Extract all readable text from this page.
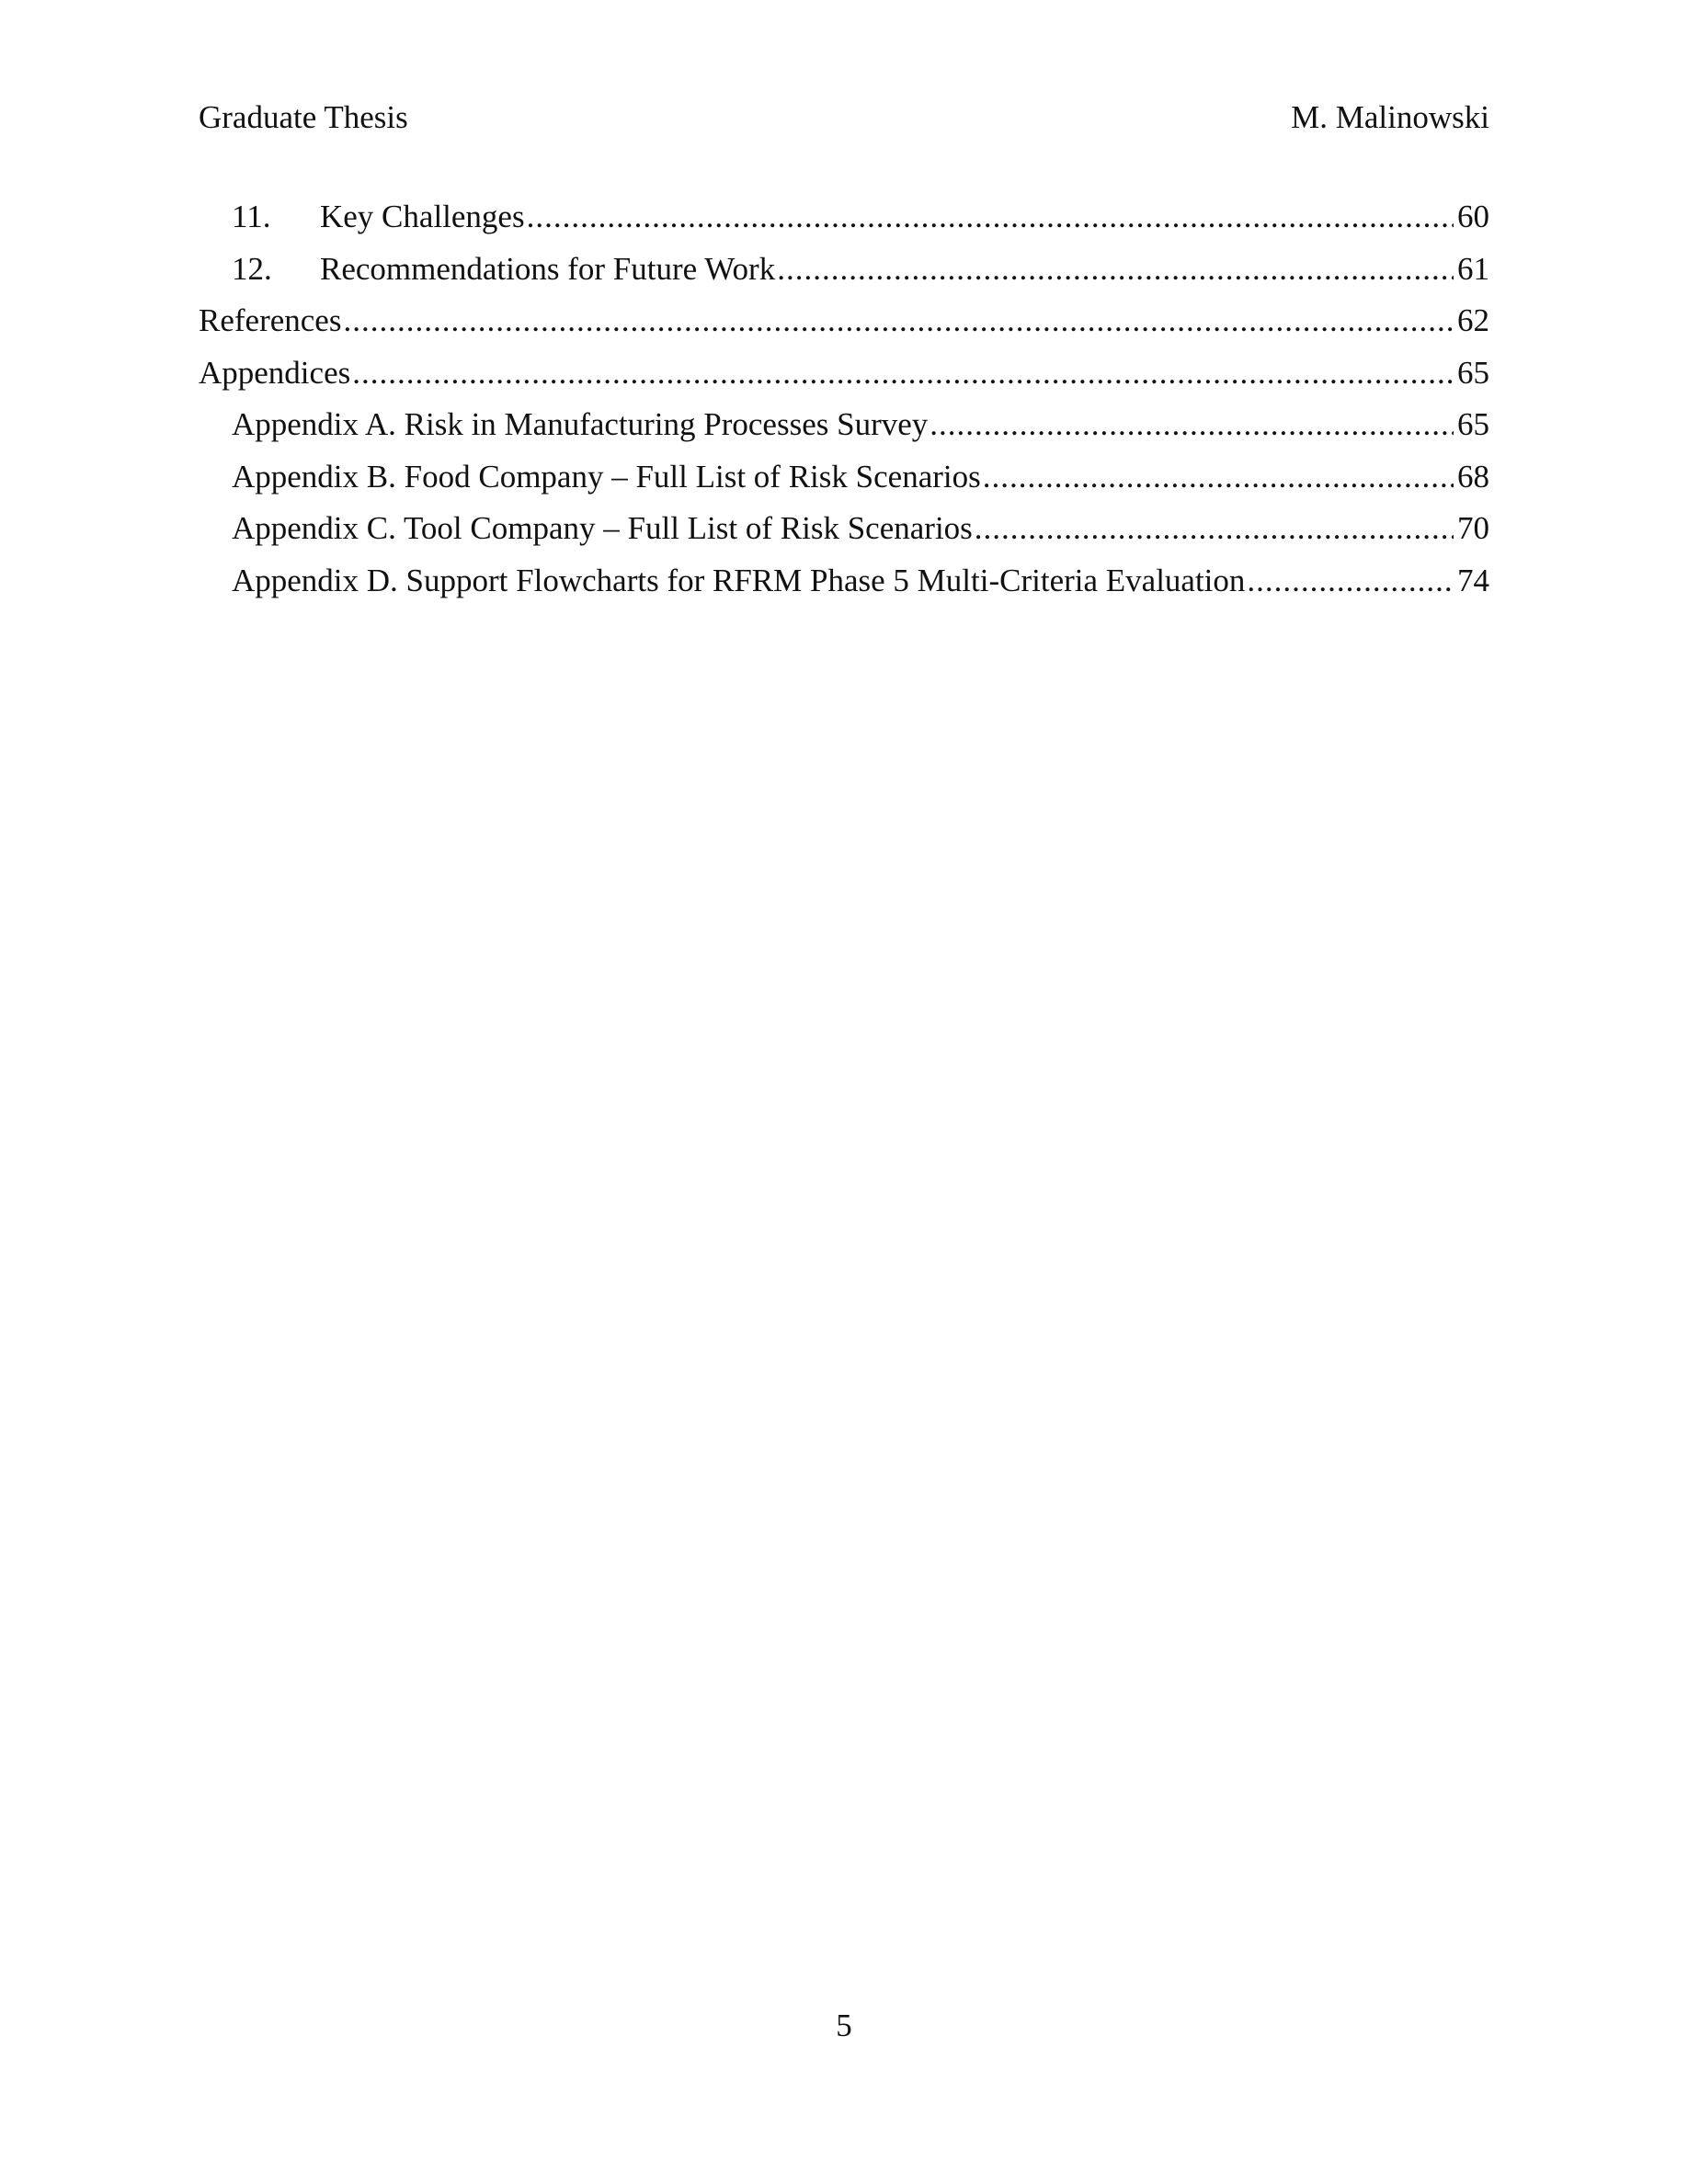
Graduate Thesis	M. Malinowski
11.	Key Challenges .....	60
12.	Recommendations for Future Work .....	61
References .....	62
Appendices .....	65
Appendix A. Risk in Manufacturing Processes Survey .....	65
Appendix B. Food Company – Full List of Risk Scenarios .....	68
Appendix C. Tool Company – Full List of Risk Scenarios .....	70
Appendix D. Support Flowcharts for RFRM Phase 5 Multi-Criteria Evaluation .....	74
5
